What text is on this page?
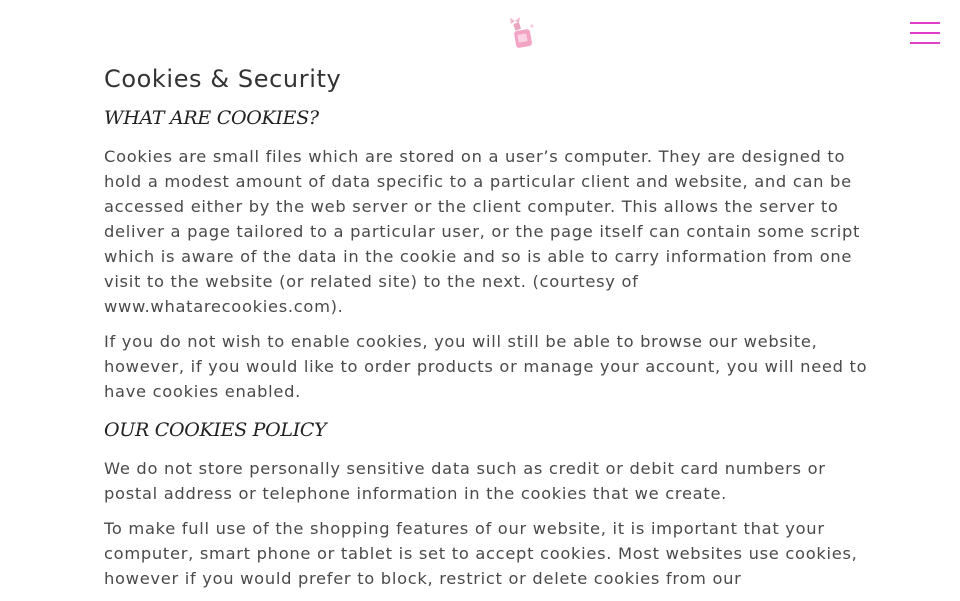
Cookies & Security
WHAT ARE COOKIES?

Cookies are small files which are stored on a user’s computer. They are designed to hold a modest amount of data specific to a particular client and website, and can be accessed either by the web server or the client computer. This allows the server to deliver a page tailored to a particular user, or the page itself can contain some script which is aware of the data in the cookie and so is able to carry information from one visit to the website (or related site) to the next. (courtesy of www.whatarecookies.com).

If you do not wish to enable cookies, you will still be able to browse our website, however, if you would like to order products or manage your account, you will need to have cookies enabled.

OUR COOKIES POLICY

We do not store personally sensitive data such as credit or debit card numbers or postal address or telephone information in the cookies that we create.

To make full use of the shopping features of our website, it is important that your computer, smart phone or tablet is set to accept cookies. Most websites use cookies, however if you would prefer to block, restrict or delete cookies from our
